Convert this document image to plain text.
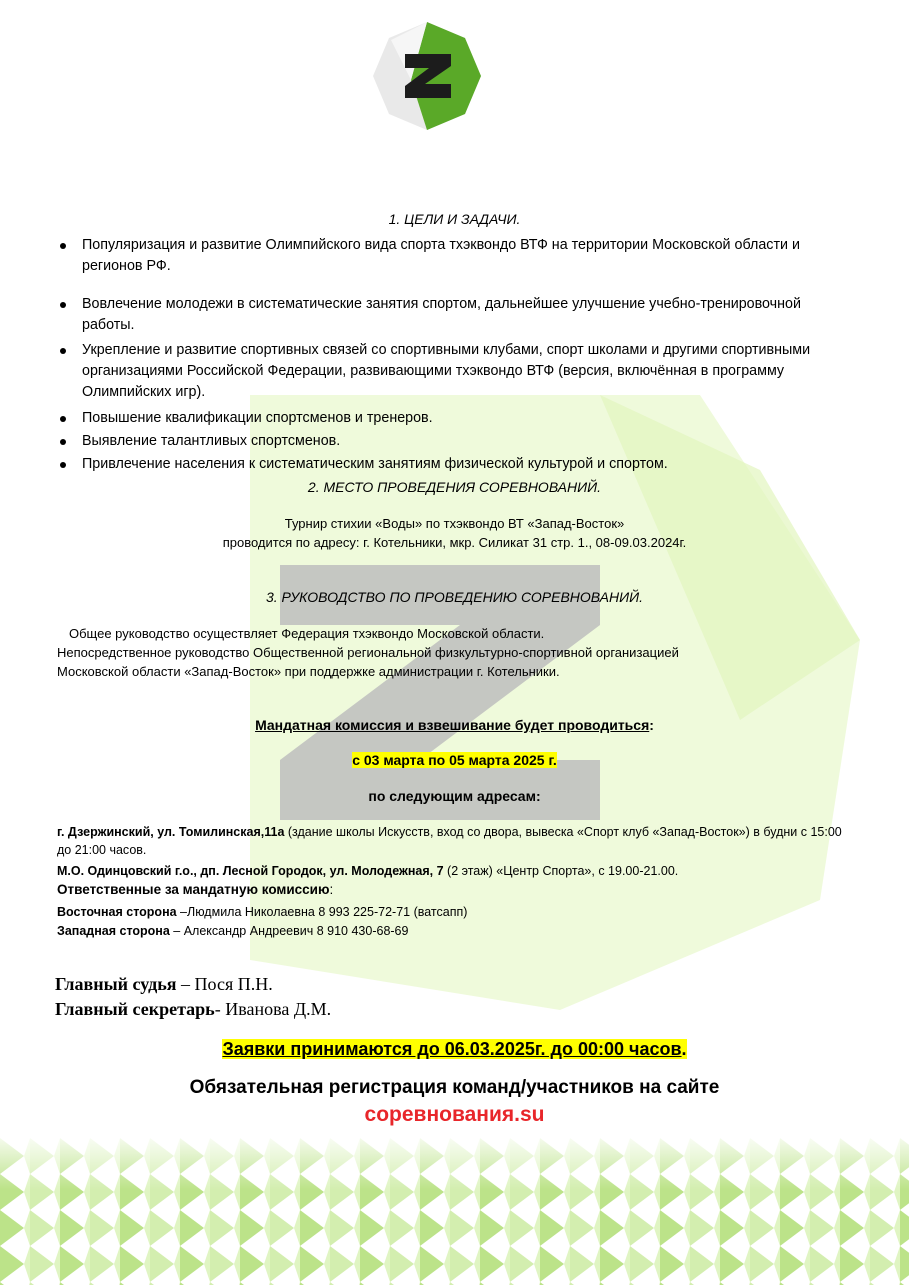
1. ЦЕЛИ И ЗАДАЧИ.
Популяризация и развитие Олимпийского вида спорта тхэквондо ВТФ на территории Московской области и регионов РФ.
Вовлечение молодежи в систематические занятия спортом, дальнейшее улучшение учебно-тренировочной работы.
Укрепление и развитие спортивных связей со спортивными клубами, спорт школами и другими спортивными организациями Российской Федерации, развивающими тхэквондо ВТФ (версия, включённая в программу Олимпийских игр).
Повышение квалификации спортсменов и тренеров.
Выявление талантливых спортсменов.
Привлечение населения к систематическим занятиям физической культурой и спортом.
2. МЕСТО ПРОВЕДЕНИЯ СОРЕВНОВАНИЙ.
Турнир стихии «Воды» по тхэквондо ВТ «Запад-Восток»
проводится по адресу: г. Котельники, мкр. Силикат 31 стр. 1., 08-09.03.2024г.
3. РУКОВОДСТВО ПО ПРОВЕДЕНИЮ СОРЕВНОВАНИЙ.
Общее руководство осуществляет Федерация тхэквондо Московской области.
Непосредственное руководство Общественной региональной физкультурно-спортивной организацией
Московской области «Запад-Восток» при поддержке администрации г. Котельники.
Мандатная комиссия и взвешивание будет проводиться:
с 03 марта по 05 марта 2025 г.
по следующим адресам:
г. Дзержинский, ул. Томилинская,11а (здание школы Искусств, вход со двора, вывеска «Спорт клуб «Запад-Восток») в будни с 15:00 до 21:00 часов.
М.О. Одинцовский г.о., дп. Лесной Городок, ул. Молодежная, 7 (2 этаж) «Центр Спорта», с 19.00-21.00.
Ответственные за мандатную комиссию:
Восточная сторона –Людмила Николаевна 8 993 225-72-71 (ватсапп)
Западная сторона – Александр Андреевич 8 910 430-68-69
Главный судья – Пося П.Н.
Главный секретарь- Иванова Д.М.
Заявки принимаются до 06.03.2025г. до 00:00 часов.
Обязательная регистрация команд/участников на сайте
соревнования.su
